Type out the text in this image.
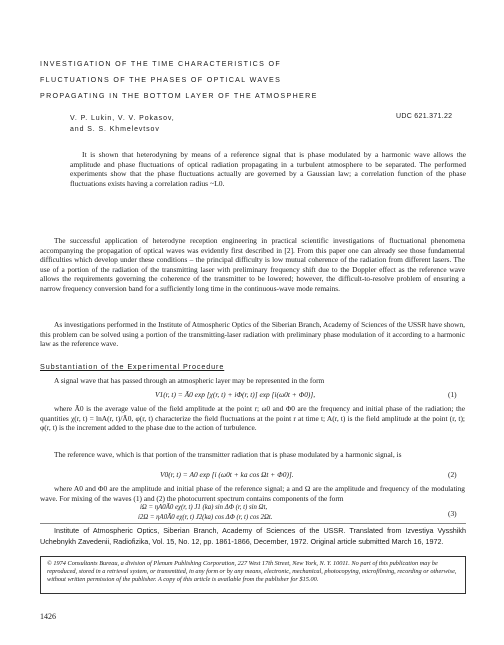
INVESTIGATION OF THE TIME CHARACTERISTICS OF
FLUCTUATIONS OF THE PHASES OF OPTICAL WAVES
PROPAGATING IN THE BOTTOM LAYER OF THE ATMOSPHERE
V. P. Lukin, V. V. Pokasov,
and S. S. Khmelevtsov
UDC 621.371.22
It is shown that heterodyning by means of a reference signal that is phase modulated by a harmonic wave allows the amplitude and phase fluctuations of optical radiation propagating in a turbulent atmosphere to be separated. The performed experiments show that the phase fluctuations actually are governed by a Gaussian law; a correlation function of the phase fluctuations exists having a correlation radius ~L0.
The successful application of heterodyne reception engineering in practical scientific investigations of fluctuational phenomena accompanying the propagation of optical waves was evidently first described in [2]. From this paper one can already see those fundamental difficulties which develop under these conditions – the principal difficulty is low mutual coherence of the radiation from different lasers. The use of a portion of the radiation of the transmitting laser with preliminary frequency shift due to the Doppler effect as the reference wave allows the requirements governing the coherence of the transmitter to be lowered; however, the difficult-to-resolve problem of ensuring a narrow frequency conversion band for a sufficiently long time in the continuous-wave mode remains.
As investigations performed in the Institute of Atmospheric Optics of the Siberian Branch, Academy of Sciences of the USSR have shown, this problem can be solved using a portion of the transmitting-laser radiation with preliminary phase modulation of it according to a harmonic law as the reference wave.
Substantiation of the Experimental Procedure
A signal wave that has passed through an atmospheric layer may be represented in the form
V1(r, t) = Ā0 exp [χ(r, t) + iΦ(r, t)] exp [i(ω0t + Φ0)],	(1)
where Ā0 is the average value of the field amplitude at the point r; ω0 and Φ0 are the frequency and initial phase of the radiation; the quantities χ(r, t) = lnA(r, t)/Ā0, φ(r, t) characterize the field fluctuations at the point r at time t; A(r, t) is the field amplitude at the point (r, t); φ(r, t) is the increment added to the phase due to the action of turbulence.
The reference wave, which is that portion of the transmitter radiation that is phase modulated by a harmonic signal, is
V0(r, t) = A0 exp [i (ω0t + ka cos Ωt + Φ0)].	(2)
where A0 and Φ0 are the amplitude and initial phase of the reference signal; a and Ω are the amplitude and frequency of the modulating wave. For mixing of the waves (1) and (2) the photocurrent spectrum contains components of the form
iΩ = ηA0Ā0 eχ(r, t) J1 (ka) sin ΔΦ (r, t) sin Ωt,
i2Ω = ηA0Ā0 eχ(r, t) J2(ka) cos ΔΦ (r, t) cos 2Ωt.	(3)
Institute of Atmospheric Optics, Siberian Branch, Academy of Sciences of the USSR. Translated from Izvestiya Vysshikh Uchebnykh Zavedenii, Radiofizika, Vol. 15, No. 12, pp. 1861-1866, December, 1972. Original article submitted March 16, 1972.
© 1974 Consultants Bureau, a division of Plenum Publishing Corporation, 227 West 17th Street, New York, N. Y. 10011. No part of this publication may be reproduced, stored in a retrieval system, or transmitted, in any form or by any means, electronic, mechanical, photocopying, microfilming, recording or otherwise, without written permission of the publisher. A copy of this article is available from the publisher for $15.00.
1426
